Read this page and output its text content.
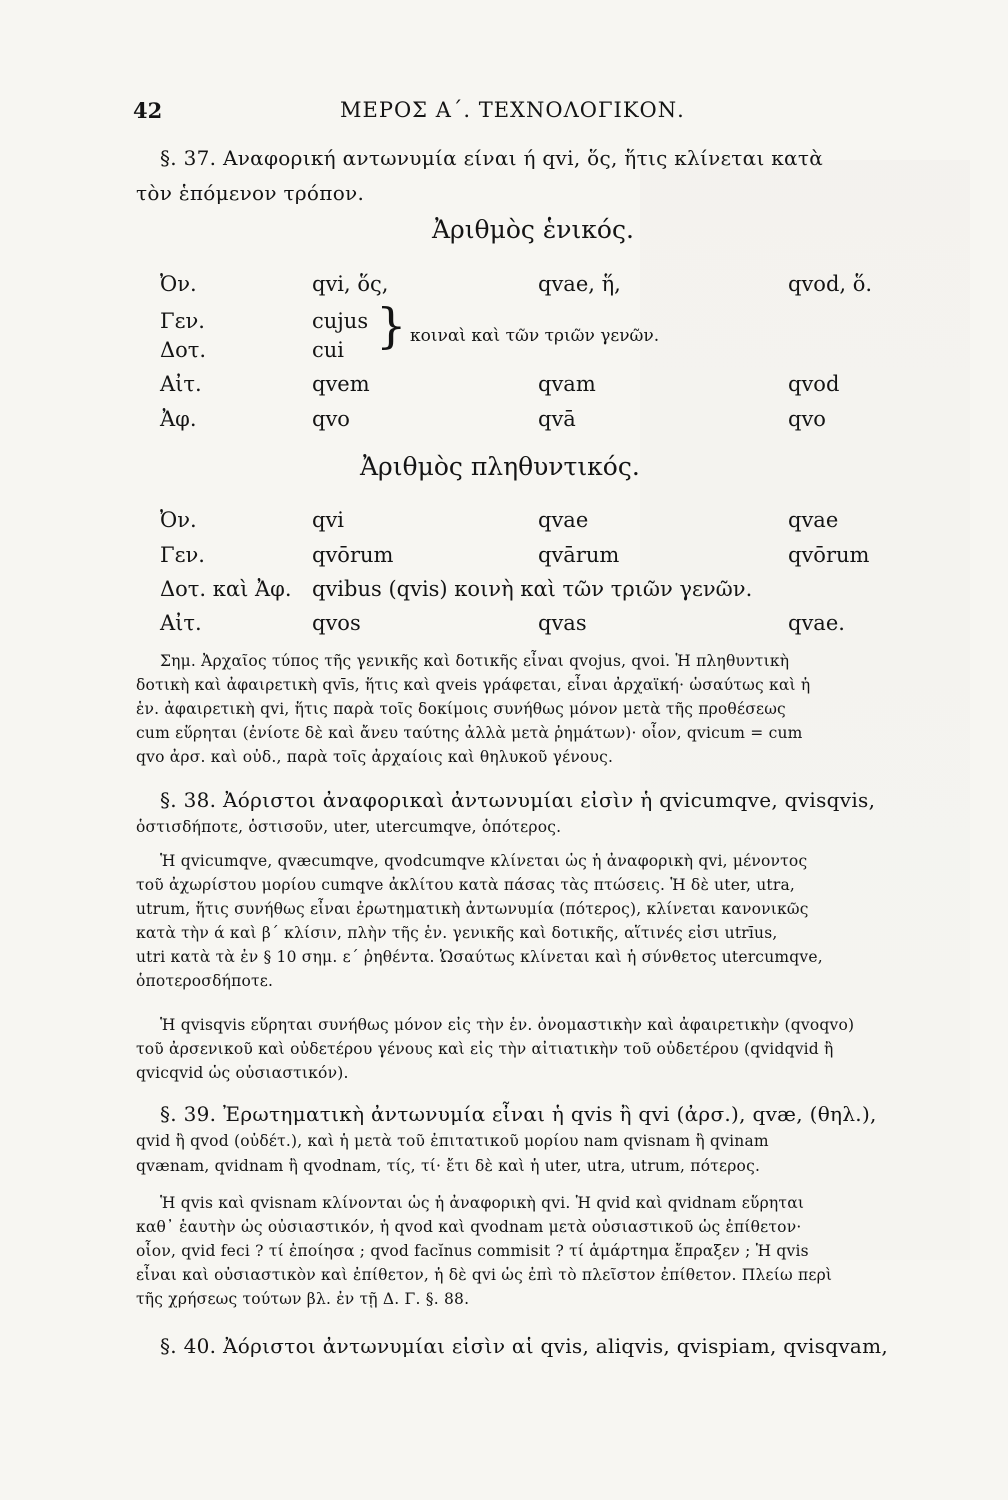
42	ΜΕΡΟΣ Α΄. ΤΕΧΝΟΛΟΓΙΚΟΝ.
§. 37. Αναφορική αντωνυμία είναι ή qvi, ὅς, ἥτις κλίνεται κατὰ
τὸν ἑπόμενον τρόπον.
Ἀριθμὸς ἑνικός.
Ὀν.	qvi, ὅς,	qvae, ἥ,	qvod, ὅ.
Γεν.	cujus
Δοτ.	cui } κοιναὶ καὶ τῶν τριῶν γενῶν.
Αἰτ.	qvem	qvam	qvod
Ἀφ.	qvo	qvā	qvo
Ἀριθμὸς πληθυντικός.
Ὀν.	qvi	qvae	qvae
Γεν.	qvōrum	qvārum	qvōrum
Δοτ. καὶ Ἀφ. qvibus (qvis) κοινὴ καὶ τῶν τριῶν γενῶν.
Αἰτ.	qvos	qvas	qvae.
Σημ. Ἀρχαῖος τύπος τῆς γενικῆς καὶ δοτικῆς εἶναι qvojus, qvoi. Ἡ πληθυντικὴ
δοτικὴ καὶ ἀφαιρετικὴ qvīs, ἥτις καὶ qveis γράφεται, εἶναι ἀρχαϊκή· ὡσαύτως καὶ ἡ
ἑν. ἀφαιρετικὴ qvi, ἥτις παρὰ τοῖς δοκίμοις συνήθως μόνον μετὰ τῆς προθέσεως
cum εὕρηται (ἐνίοτε δὲ καὶ ἄνευ ταύτης ἀλλὰ μετὰ ῥημάτων)· οἷον, qvicum = cum
qvo ἀρσ. καὶ οὐδ., παρὰ τοῖς ἀρχαίοις καὶ θηλυκοῦ γένους.
§. 38. Ἀόριστοι ἀναφορικαὶ ἀντωνυμίαι εἰσὶν ἡ qvicumqve, qvisqvis,
ὁστισδήποτε, ὁστισοῦν, uter, utercumqve, ὁπότερος.
Ἡ qvicumqve, qvæcumqve, qvodcumqve κλίνεται ὡς ἡ ἀναφορικὴ qvi, μένοντος
τοῦ ἀχωρίστου μορίου cumqve ἀκλίτου κατὰ πάσας τὰς πτώσεις. Ἡ δὲ uter, utra,
utrum, ἥτις συνήθως εἶναι ἐρωτηματικὴ ἀντωνυμία (πότερος), κλίνεται κανονικῶς
κατὰ τὴν ά καὶ β΄ κλίσιν, πλὴν τῆς ἑν. γενικῆς καὶ δοτικῆς, αἵτινές εἰσι utrīus,
utri κατὰ τὰ ἐν § 10 σημ. ε΄ ῥηθέντα. Ὡσαύτως κλίνεται καὶ ἡ σύνθετος utercumqve,
ὁποτεροσδήποτε.
Ἡ qvisqvis εὕρηται συνήθως μόνον εἰς τὴν ἑν. ὀνομαστικὴν καὶ ἀφαιρετικὴν (qvoqvo)
τοῦ ἀρσενικοῦ καὶ οὐδετέρου γένους καὶ εἰς τὴν αἰτιατικὴν τοῦ οὐδετέρου (qvidqvid ἢ
qvicqvid ὡς οὐσιαστικόν).
§. 39. Ἐρωτηματικὴ ἀντωνυμία εἶναι ἡ qvis ἢ qvi (ἀρσ.), qvæ, (θηλ.),
qvid ἢ qvod (οὐδέτ.), καὶ ἡ μετὰ τοῦ ἐπιτατικοῦ μορίου nam qvisnam ἢ qvinam
qvænam, qvidnam ἢ qvodnam, τίς, τί· ἔτι δὲ καὶ ἡ uter, utra, utrum, πότερος.
Ἡ qvis καὶ qvisnam κλίνονται ὡς ἡ ἀναφορικὴ qvi. Ἡ qvid καὶ qvidnam εὕρηται
καθ᾽ ἑαυτὴν ὡς οὐσιαστικόν, ἡ qvod καὶ qvodnam μετὰ οὐσιαστικοῦ ὡς ἐπίθετον·
οἷον, qvid feci ? τί ἐποίησα ; qvod facĭnus commisit ? τί ἁμάρτημα ἔπραξεν ; Ἡ qvis
εἶναι καὶ οὐσιαστικὸν καὶ ἐπίθετον, ἡ δὲ qvi ὡς ἐπὶ τὸ πλεῖστον ἐπίθετον. Πλείω περὶ
τῆς χρήσεως τούτων βλ. ἐν τῇ Δ. Γ. §. 88.
§. 40. Ἀόριστοι ἀντωνυμίαι εἰσὶν αἱ qvis, aliqvis, qvispiam, qvisqvam,
